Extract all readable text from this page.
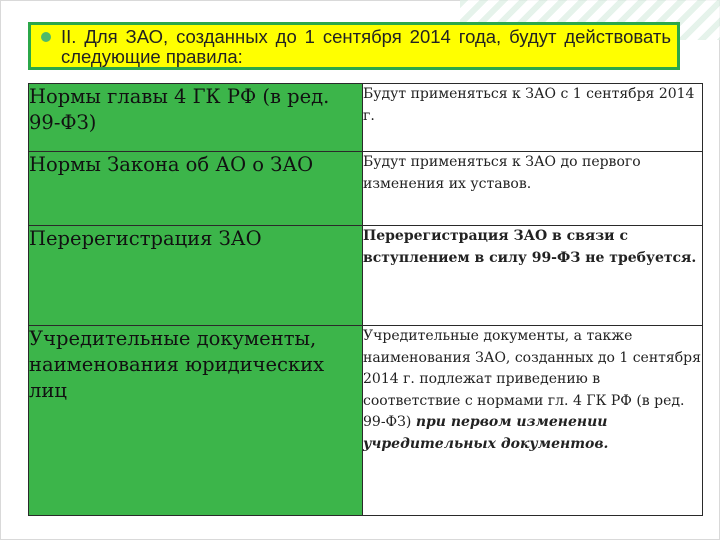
II. Для ЗАО, созданных до 1 сентября 2014 года, будут действовать следующие правила:
Нормы главы 4 ГК РФ (в ред. 99-ФЗ)	Будут применяться к ЗАО с 1 сентября 2014 г.
Нормы Закона об АО о ЗАО	Будут применяться к ЗАО до первого изменения их уставов.
Перерегистрация ЗАО	Перерегистрация ЗАО в связи с вступлением в силу 99-ФЗ не требуется.
Учредительные документы, наименования юридических лиц	Учредительные документы, а также наименования ЗАО, созданных до 1 сентября 2014 г. подлежат приведению в соответствие с нормами гл. 4 ГК РФ (в ред. 99-ФЗ) при первом изменении учредительных документов.
